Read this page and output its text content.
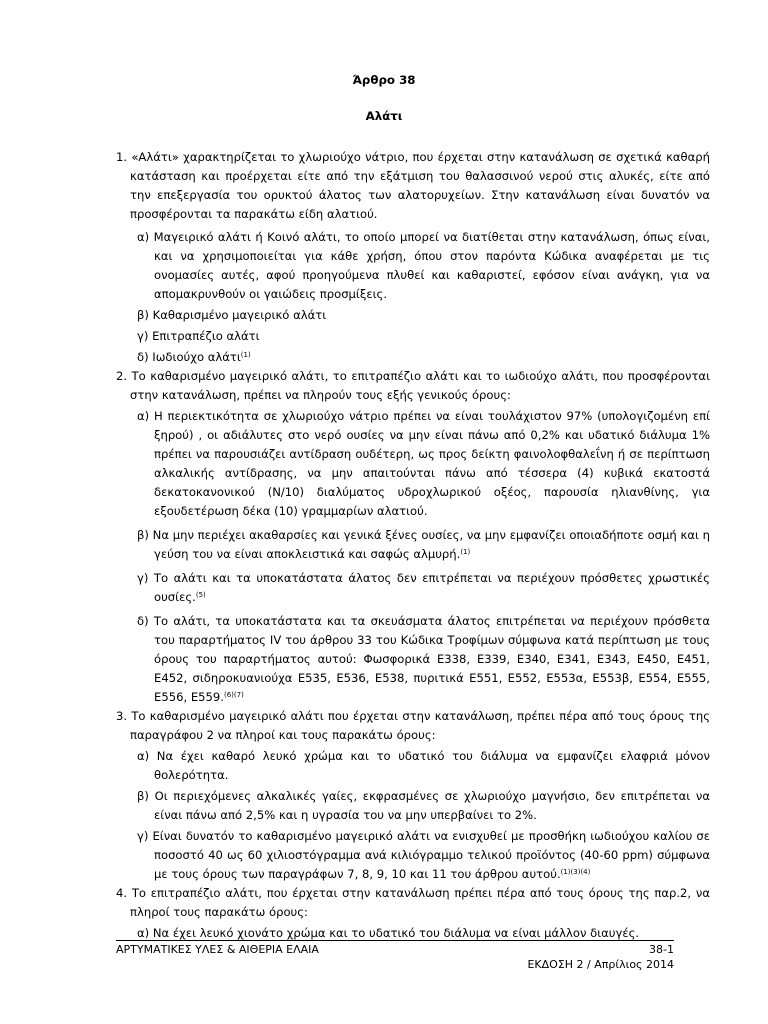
Άρθρο 38
Αλάτι
1. «Αλάτι» χαρακτηρίζεται το χλωριούχο νάτριο, που έρχεται στην κατανάλωση σε σχετικά καθαρή κατάσταση και προέρχεται είτε από την εξάτμιση του θαλασσινού νερού στις αλυκές, είτε από την επεξεργασία του ορυκτού άλατος των αλατορυχείων. Στην κατανάλωση είναι δυνατόν να προσφέρονται τα παρακάτω είδη αλατιού.
α) Μαγειρικό αλάτι ή Κοινό αλάτι, το οποίο μπορεί να διατίθεται στην κατανάλωση, όπως είναι, και να χρησιμοποιείται για κάθε χρήση, όπου στον παρόντα Κώδικα αναφέρεται με τις ονομασίες αυτές, αφού προηγούμενα πλυθεί και καθαριστεί, εφόσον είναι ανάγκη, για να απομακρυνθούν οι γαιώδεις προσμίξεις.
β) Καθαρισμένο μαγειρικό αλάτι
γ) Επιτραπέζιο αλάτι
δ) Ιωδιούχο αλάτι$^{(1)}$
2. Το καθαρισμένο μαγειρικό αλάτι, το επιτραπέζιο αλάτι και το ιωδιούχο αλάτι, που προσφέρονται στην κατανάλωση, πρέπει να πληρούν τους εξής γενικούς όρους:
α) Η περιεκτικότητα σε χλωριούχο νάτριο πρέπει να είναι τουλάχιστον 97% (υπολογιζομένη επί ξηρού) , οι αδιάλυτες στο νερό ουσίες να μην είναι πάνω από 0,2% και υδατικό διάλυμα 1% πρέπει να παρουσιάζει αντίδραση ουδέτερη, ως προς δείκτη φαινολοφθαλεΐνη ή σε περίπτωση αλκαλικής αντίδρασης, να μην απαιτούνται πάνω από τέσσερα (4) κυβικά εκατοστά δεκατοκανονικού (Ν/10) διαλύματος υδροχλωρικού οξέος, παρουσία ηλιανθίνης, για εξουδετέρωση δέκα (10) γραμμαρίων αλατιού.
β) Να μην περιέχει ακαθαρσίες και γενικά ξένες ουσίες, να μην εμφανίζει οποιαδήποτε οσμή και η γεύση του να είναι αποκλειστικά και σαφώς αλμυρή.$^{(1)}$
γ) Το αλάτι και τα υποκατάστατα άλατος δεν επιτρέπεται να περιέχουν πρόσθετες χρωστικές ουσίες.$^{(5)}$
δ) Το αλάτι, τα υποκατάστατα και τα σκευάσματα άλατος επιτρέπεται να περιέχουν πρόσθετα του παραρτήματος IV του άρθρου 33 του Κώδικα Τροφίμων σύμφωνα κατά περίπτωση με τους όρους του παραρτήματος αυτού: Φωσφορικά E338, E339, E340, E341, E343, E450, E451, E452, σιδηροκυανιούχα E535, E536, E538, πυριτικά E551, E552, E553α, E553β, E554, E555, E556, E559.$^{(6)(7)}$
3. Το καθαρισμένο μαγειρικό αλάτι που έρχεται στην κατανάλωση, πρέπει πέρα από τους όρους της παραγράφου 2 να πληροί και τους παρακάτω όρους:
α) Να έχει καθαρό λευκό χρώμα και το υδατικό του διάλυμα να εμφανίζει ελαφριά μόνον θολερότητα.
β) Οι περιεχόμενες αλκαλικές γαίες, εκφρασμένες σε χλωριούχο μαγνήσιο, δεν επιτρέπεται να είναι πάνω από 2,5% και η υγρασία του να μην υπερβαίνει το 2%.
γ) Είναι δυνατόν το καθαρισμένο μαγειρικό αλάτι να ενισχυθεί με προσθήκη ιωδιούχου καλίου σε ποσοστό 40 ως 60 χιλιοστόγραμμα ανά κιλιόγραμμο τελικού προϊόντος (40-60 ppm) σύμφωνα με τους όρους των παραγράφων 7, 8, 9, 10 και 11 του άρθρου αυτού.$^{(1)(3)(4)}$
4. Το επιτραπέζιο αλάτι, που έρχεται στην κατανάλωση πρέπει πέρα από τους όρους της παρ.2, να πληροί τους παρακάτω όρους:
α) Να έχει λευκό χιονάτο χρώμα και το υδατικό του διάλυμα να είναι μάλλον διαυγές.
ΑΡΤΥΜΑΤΙΚΕΣ ΥΛΕΣ & ΑΙΘΕΡΙΑ ΕΛΑΙΑ	38-1
ΕΚΔΟΣΗ 2 / Απρίλιος 2014
